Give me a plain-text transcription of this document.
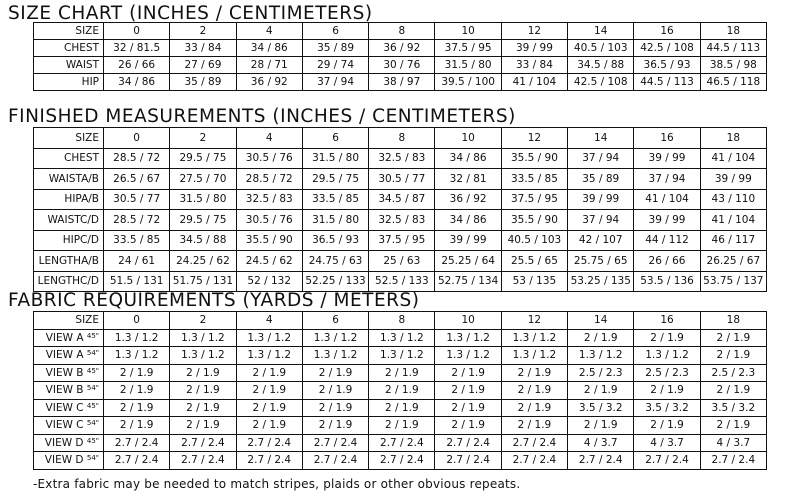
SIZE CHART (INCHES / CENTIMETERS)
SIZE	0	2	4	6	8	10	12	14	16	18
CHEST	32 / 81.5	33 / 84	34 / 86	35 / 89	36 / 92	37.5 / 95	39 / 99	40.5 / 103	42.5 / 108	44.5 / 113
WAIST	26 / 66	27 / 69	28 / 71	29 / 74	30 / 76	31.5 / 80	33 / 84	34.5 / 88	36.5 / 93	38.5 / 98
HIP	34 / 86	35 / 89	36 / 92	37 / 94	38 / 97	39.5 / 100	41 / 104	42.5 / 108	44.5 / 113	46.5 / 118
FINISHED MEASUREMENTS (INCHES / CENTIMETERS)
SIZE	0	2	4	6	8	10	12	14	16	18
CHEST	28.5 / 72	29.5 / 75	30.5 / 76	31.5 / 80	32.5 / 83	34 / 86	35.5 / 90	37 / 94	39 / 99	41 / 104
WAISTA/B	26.5 / 67	27.5 / 70	28.5 / 72	29.5 / 75	30.5 / 77	32 / 81	33.5 / 85	35 / 89	37 / 94	39 / 99
HIPA/B	30.5 / 77	31.5 / 80	32.5 / 83	33.5 / 85	34.5 / 87	36 / 92	37.5 / 95	39 / 99	41 / 104	43 / 110
WAISTC/D	28.5 / 72	29.5 / 75	30.5 / 76	31.5 / 80	32.5 / 83	34 / 86	35.5 / 90	37 / 94	39 / 99	41 / 104
HIPC/D	33.5 / 85	34.5 / 88	35.5 / 90	36.5 / 93	37.5 / 95	39 / 99	40.5 / 103	42 / 107	44 / 112	46 / 117
LENGTHA/B	24 / 61	24.25 / 62	24.5 / 62	24.75 / 63	25 / 63	25.25 / 64	25.5 / 65	25.75 / 65	26 / 66	26.25 / 67
LENGTHC/D	51.5 / 131	51.75 / 131	52 / 132	52.25 / 133	52.5 / 133	52.75 / 134	53 / 135	53.25 / 135	53.5 / 136	53.75 / 137
FABRIC REQUIREMENTS (YARDS / METERS)
SIZE	0	2	4	6	8	10	12	14	16	18
VIEW A $^{45"}$	1.3 / 1.2	1.3 / 1.2	1.3 / 1.2	1.3 / 1.2	1.3 / 1.2	1.3 / 1.2	1.3 / 1.2	2 / 1.9	2 / 1.9	2 / 1.9
VIEW A $^{54"}$	1.3 / 1.2	1.3 / 1.2	1.3 / 1.2	1.3 / 1.2	1.3 / 1.2	1.3 / 1.2	1.3 / 1.2	1.3 / 1.2	1.3 / 1.2	2 / 1.9
VIEW B $^{45"}$	2 / 1.9	2 / 1.9	2 / 1.9	2 / 1.9	2 / 1.9	2 / 1.9	2 / 1.9	2.5 / 2.3	2.5 / 2.3	2.5 / 2.3
VIEW B $^{54"}$	2 / 1.9	2 / 1.9	2 / 1.9	2 / 1.9	2 / 1.9	2 / 1.9	2 / 1.9	2 / 1.9	2 / 1.9	2 / 1.9
VIEW C $^{45"}$	2 / 1.9	2 / 1.9	2 / 1.9	2 / 1.9	2 / 1.9	2 / 1.9	2 / 1.9	3.5 / 3.2	3.5 / 3.2	3.5 / 3.2
VIEW C $^{54"}$	2 / 1.9	2 / 1.9	2 / 1.9	2 / 1.9	2 / 1.9	2 / 1.9	2 / 1.9	2 / 1.9	2 / 1.9	2 / 1.9
VIEW D $^{45"}$	2.7 / 2.4	2.7 / 2.4	2.7 / 2.4	2.7 / 2.4	2.7 / 2.4	2.7 / 2.4	2.7 / 2.4	4 / 3.7	4 / 3.7	4 / 3.7
VIEW D $^{54"}$	2.7 / 2.4	2.7 / 2.4	2.7 / 2.4	2.7 / 2.4	2.7 / 2.4	2.7 / 2.4	2.7 / 2.4	2.7 / 2.4	2.7 / 2.4	2.7 / 2.4
-Extra fabric may be needed to match stripes, plaids or other obvious repeats.
